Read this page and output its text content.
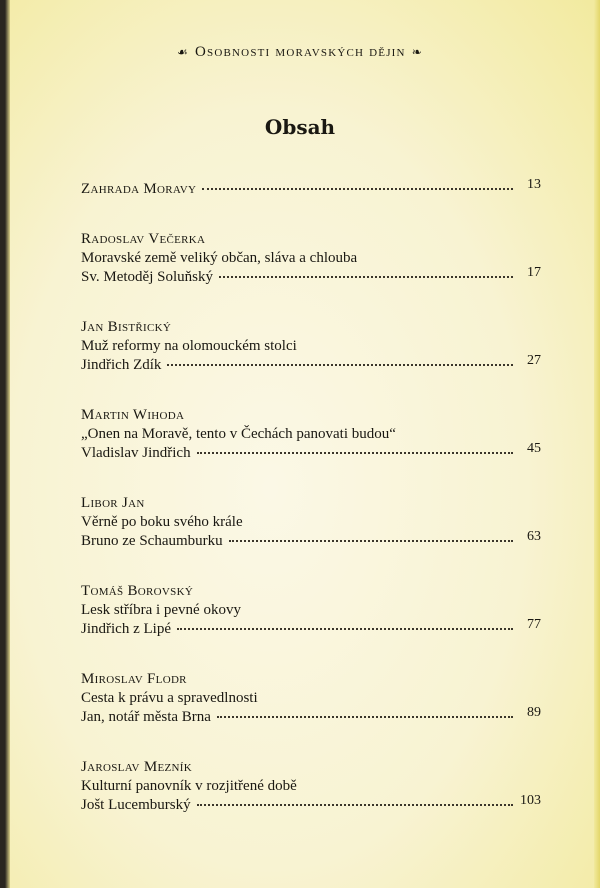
☙ Osobnosti moravských dějin ❧
Obsah
Zahrada Moravy	13
Radoslav Večerka
Moravské země veliký občan, sláva a chlouba
Sv. Metoděj Soluňský	17
Jan Bistřický
Muž reformy na olomouckém stolci
Jindřich Zdík	27
Martin Wihoda
„Onen na Moravě, tento v Čechách panovati budou“
Vladislav Jindřich	45
Libor Jan
Věrně po boku svého krále
Bruno ze Schaumburku	63
Tomáš Borovský
Lesk stříbra i pevné okovy
Jindřich z Lipé	77
Miroslav Flodr
Cesta k právu a spravedlnosti
Jan, notář města Brna	89
Jaroslav Mezník
Kulturní panovník v rozjitřené době
Jošt Lucemburský	103
